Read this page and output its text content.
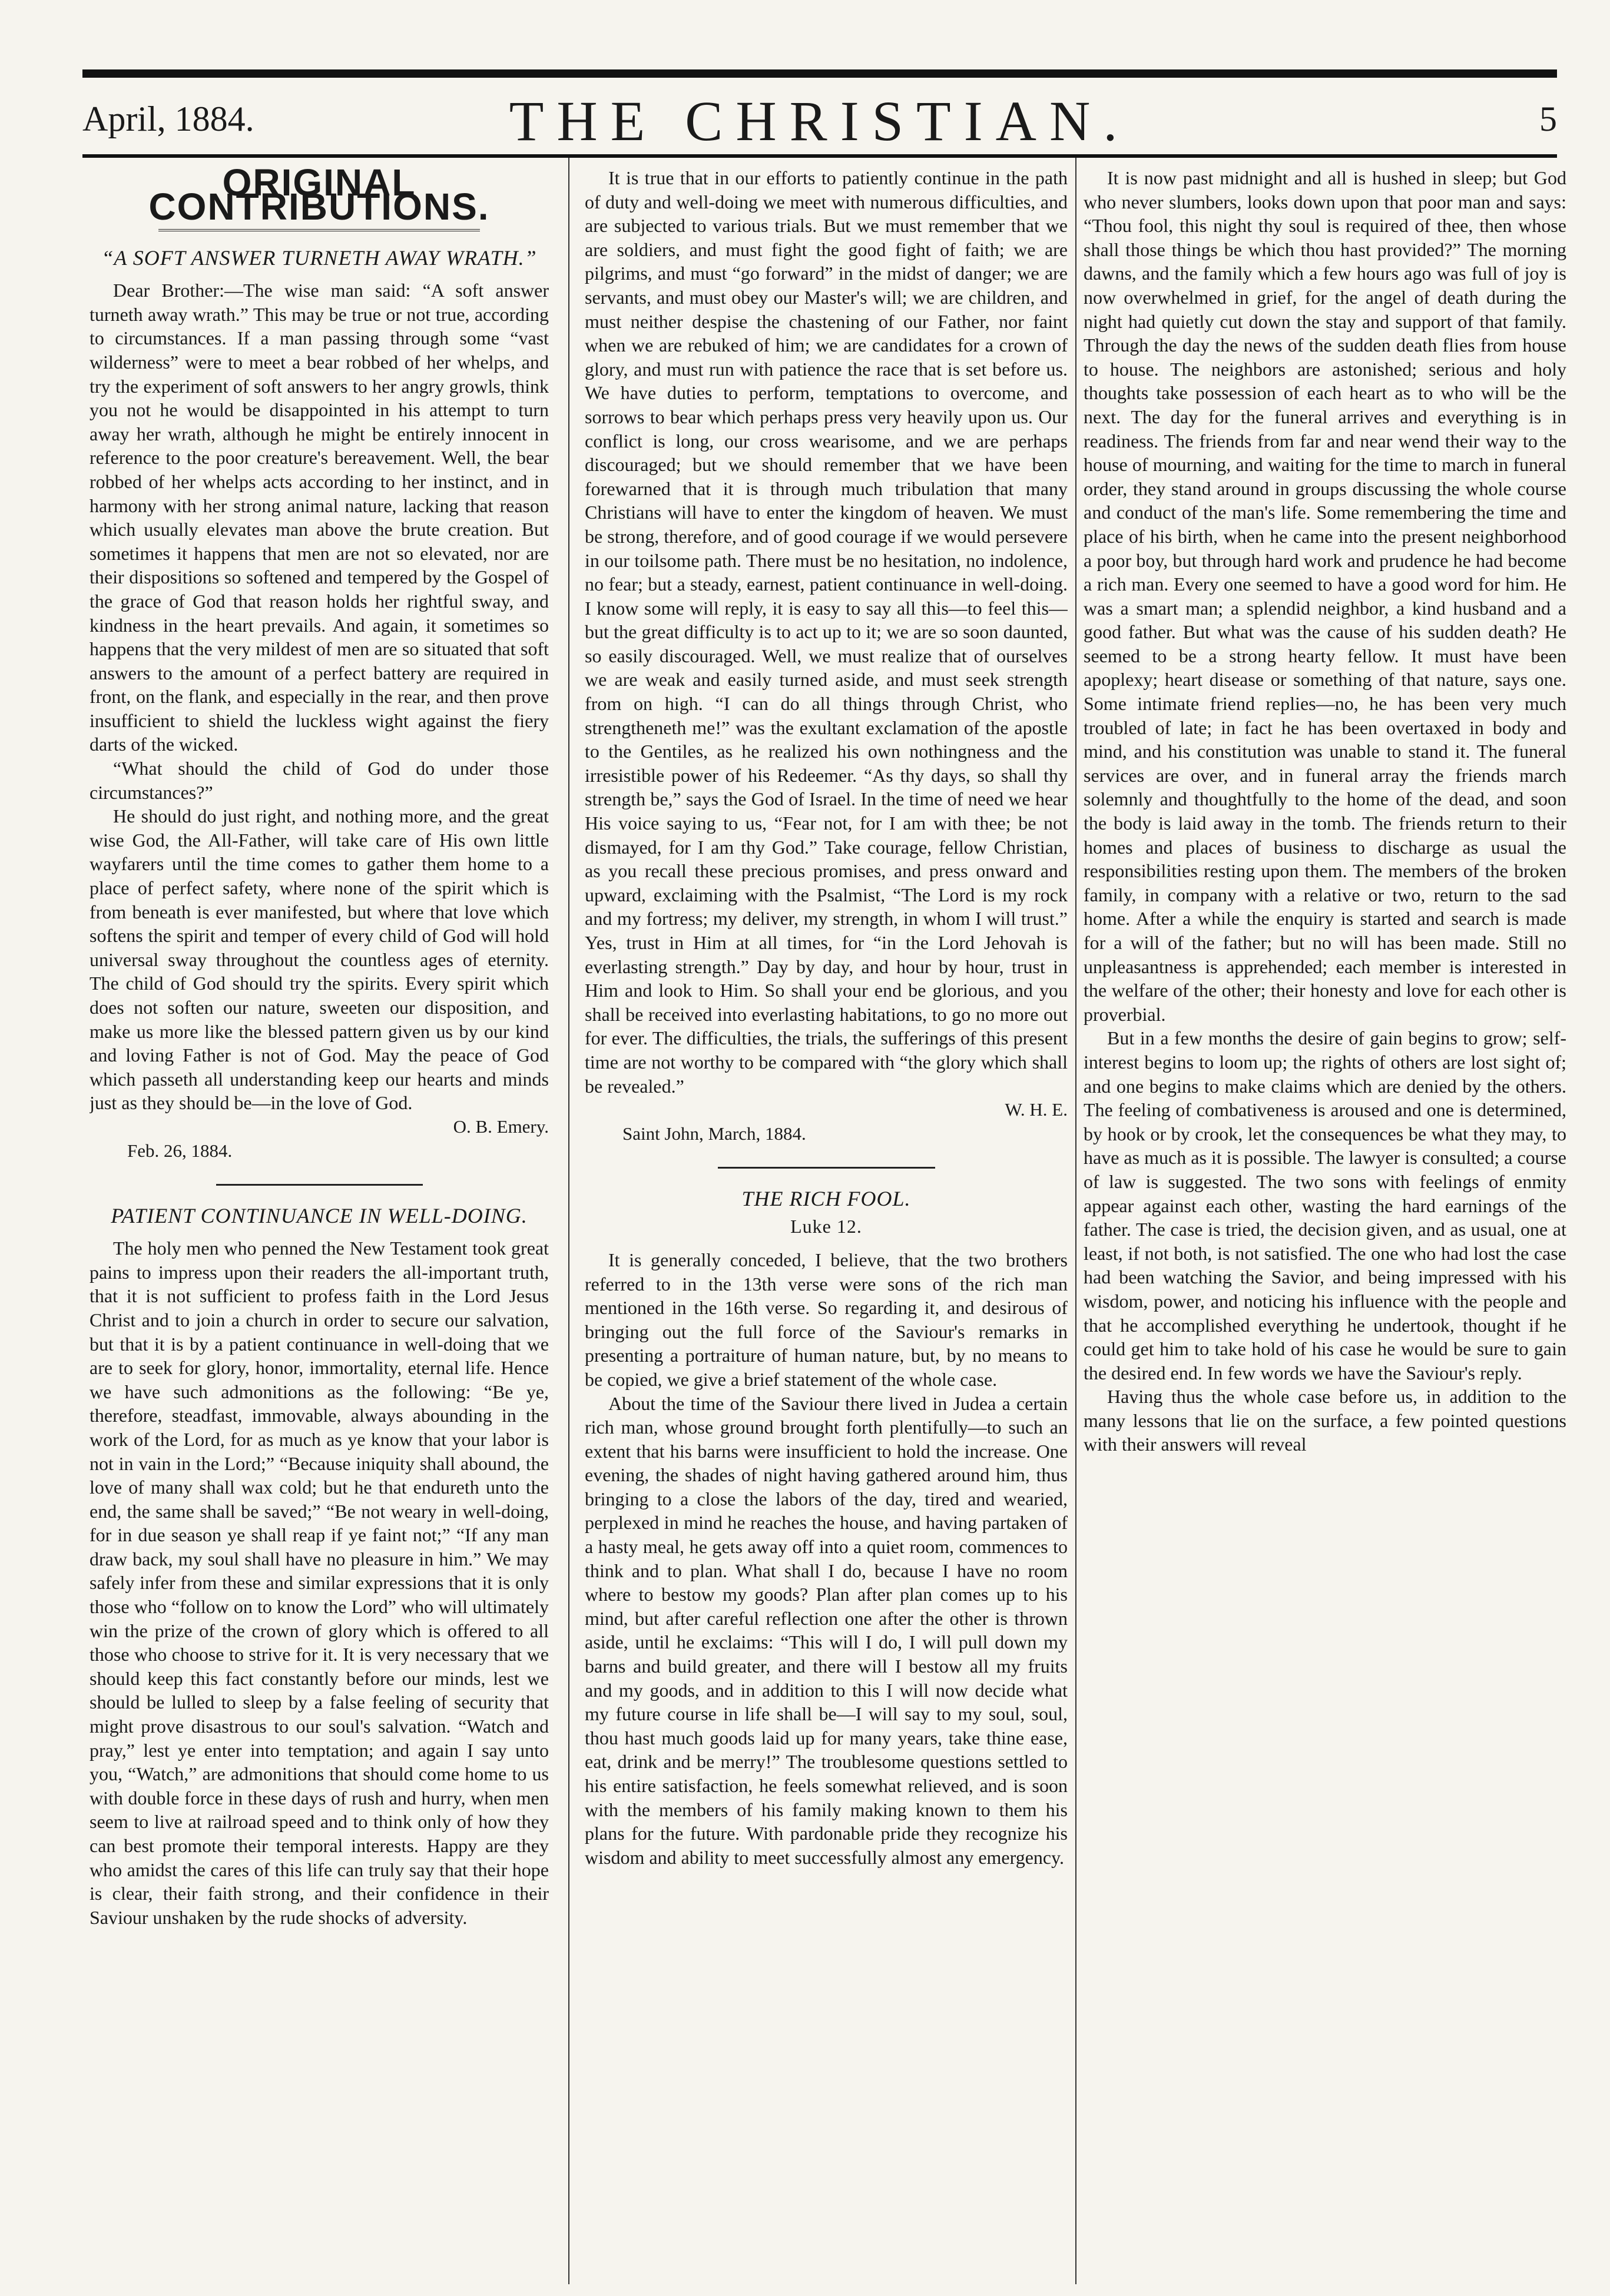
April, 1884.	THE CHRISTIAN.	5
ORIGINAL CONTRIBUTIONS.
“A SOFT ANSWER TURNETH AWAY WRATH.”

Dear Brother:—The wise man said: “A soft answer turneth away wrath.” This may be true or not true, according to circumstances. If a man passing through some “vast wilderness” were to meet a bear robbed of her whelps, and try the experiment of soft answers to her angry growls, think you not he would be disappointed in his attempt to turn away her wrath, although he might be entirely innocent in reference to the poor creature's bereavement. Well, the bear robbed of her whelps acts according to her instinct, and in harmony with her strong animal nature, lacking that reason which usually elevates man above the brute creation. But sometimes it happens that men are not so elevated, nor are their dispositions so softened and tempered by the Gospel of the grace of God that reason holds her rightful sway, and kindness in the heart prevails. And again, it sometimes so happens that the very mildest of men are so situated that soft answers to the amount of a perfect battery are required in front, on the flank, and especially in the rear, and then prove insufficient to shield the luckless wight against the fiery darts of the wicked.

“What should the child of God do under those circumstances?”

He should do just right, and nothing more, and the great wise God, the All-Father, will take care of His own little wayfarers until the time comes to gather them home to a place of perfect safety, where none of the spirit which is from beneath is ever manifested, but where that love which softens the spirit and temper of every child of God will hold universal sway throughout the countless ages of eternity. The child of God should try the spirits. Every spirit which does not soften our nature, sweeten our disposition, and make us more like the blessed pattern given us by our kind and loving Father is not of God. May the peace of God which passeth all understanding keep our hearts and minds just as they should be—in the love of God.

O. B. Emery.

Feb. 26, 1884.

PATIENT CONTINUANCE IN WELL-DOING.

The holy men who penned the New Testament took great pains to impress upon their readers the all-important truth, that it is not sufficient to profess faith in the Lord Jesus Christ and to join a church in order to secure our salvation, but that it is by a patient continuance in well-doing that we are to seek for glory, honor, immortality, eternal life. Hence we have such admonitions as the following: “Be ye, therefore, steadfast, immovable, always abounding in the work of the Lord, for as much as ye know that your labor is not in vain in the Lord;” “Because iniquity shall abound, the love of many shall wax cold; but he that endureth unto the end, the same shall be saved;” “Be not weary in well-doing, for in due season ye shall reap if ye faint not;” “If any man draw back, my soul shall have no pleasure in him.” We may safely infer from these and similar expressions that it is only those who “follow on to know the Lord” who will ultimately win the prize of the crown of glory which is offered to all those who choose to strive for it. It is very necessary that we should keep this fact constantly before our minds, lest we should be lulled to sleep by a false feeling of security that might prove disastrous to our soul's salvation. “Watch and pray,” lest ye enter into temptation; and again I say unto you, “Watch,” are admonitions that should come home to us with double force in these days of rush and hurry, when men seem to live at railroad speed and to think only of how they can best promote their temporal interests. Happy are they who amidst the cares of this life can truly say that their hope is clear, their faith strong, and their confidence in their Saviour unshaken by the rude shocks of adversity.

It is true that in our efforts to patiently continue in the path of duty and well-doing we meet with numerous difficulties, and are subjected to various trials. But we must remember that we are soldiers, and must fight the good fight of faith; we are pilgrims, and must “go forward” in the midst of danger; we are servants, and must obey our Master's will; we are children, and must neither despise the chastening of our Father, nor faint when we are rebuked of him; we are candidates for a crown of glory, and must run with patience the race that is set before us. We have duties to perform, temptations to overcome, and sorrows to bear which perhaps press very heavily upon us. Our conflict is long, our cross wearisome, and we are perhaps discouraged; but we should remember that we have been forewarned that it is through much tribulation that many Christians will have to enter the kingdom of heaven. We must be strong, therefore, and of good courage if we would persevere in our toilsome path. There must be no hesitation, no indolence, no fear; but a steady, earnest, patient continuance in well-doing. I know some will reply, it is easy to say all this—to feel this—but the great difficulty is to act up to it; we are so soon daunted, so easily discouraged. Well, we must realize that of ourselves we are weak and easily turned aside, and must seek strength from on high. “I can do all things through Christ, who strengtheneth me!” was the exultant exclamation of the apostle to the Gentiles, as he realized his own nothingness and the irresistible power of his Redeemer. “As thy days, so shall thy strength be,” says the God of Israel. In the time of need we hear His voice saying to us, “Fear not, for I am with thee; be not dismayed, for I am thy God.” Take courage, fellow Christian, as you recall these precious promises, and press onward and upward, exclaiming with the Psalmist, “The Lord is my rock and my fortress; my deliver, my strength, in whom I will trust.” Yes, trust in Him at all times, for “in the Lord Jehovah is everlasting strength.” Day by day, and hour by hour, trust in Him and look to Him. So shall your end be glorious, and you shall be received into everlasting habitations, to go no more out for ever. The difficulties, the trials, the sufferings of this present time are not worthy to be compared with “the glory which shall be revealed.”

W. H. E.

Saint John, March, 1884.

THE RICH FOOL.
Luke 12.

It is generally conceded, I believe, that the two brothers referred to in the 13th verse were sons of the rich man mentioned in the 16th verse. So regarding it, and desirous of bringing out the full force of the Saviour's remarks in presenting a portraiture of human nature, but, by no means to be copied, we give a brief statement of the whole case.

About the time of the Saviour there lived in Judea a certain rich man, whose ground brought forth plentifully—to such an extent that his barns were insufficient to hold the increase. One evening, the shades of night having gathered around him, thus bringing to a close the labors of the day, tired and wearied, perplexed in mind he reaches the house, and having partaken of a hasty meal, he gets away off into a quiet room, commences to think and to plan. What shall I do, because I have no room where to bestow my goods? Plan after plan comes up to his mind, but after careful reflection one after the other is thrown aside, until he exclaims: “This will I do, I will pull down my barns and build greater, and there will I bestow all my fruits and my goods, and in addition to this I will now decide what my future course in life shall be—I will say to my soul, soul, thou hast much goods laid up for many years, take thine ease, eat, drink and be merry!” The troublesome questions settled to his entire satisfaction, he feels somewhat relieved, and is soon with the members of his family making known to them his plans for the future. With pardonable pride they recognize his wisdom and ability to meet successfully almost any emergency.

It is now past midnight and all is hushed in sleep; but God who never slumbers, looks down upon that poor man and says: “Thou fool, this night thy soul is required of thee, then whose shall those things be which thou hast provided?” The morning dawns, and the family which a few hours ago was full of joy is now overwhelmed in grief, for the angel of death during the night had quietly cut down the stay and support of that family. Through the day the news of the sudden death flies from house to house. The neighbors are astonished; serious and holy thoughts take possession of each heart as to who will be the next. The day for the funeral arrives and everything is in readiness. The friends from far and near wend their way to the house of mourning, and waiting for the time to march in funeral order, they stand around in groups discussing the whole course and conduct of the man's life. Some remembering the time and place of his birth, when he came into the present neighborhood a poor boy, but through hard work and prudence he had become a rich man. Every one seemed to have a good word for him. He was a smart man; a splendid neighbor, a kind husband and a good father. But what was the cause of his sudden death? He seemed to be a strong hearty fellow. It must have been apoplexy; heart disease or something of that nature, says one. Some intimate friend replies—no, he has been very much troubled of late; in fact he has been overtaxed in body and mind, and his constitution was unable to stand it. The funeral services are over, and in funeral array the friends march solemnly and thoughtfully to the home of the dead, and soon the body is laid away in the tomb. The friends return to their homes and places of business to discharge as usual the responsibilities resting upon them. The members of the broken family, in company with a relative or two, return to the sad home. After a while the enquiry is started and search is made for a will of the father; but no will has been made. Still no unpleasantness is apprehended; each member is interested in the welfare of the other; their honesty and love for each other is proverbial.

But in a few months the desire of gain begins to grow; self-interest begins to loom up; the rights of others are lost sight of; and one begins to make claims which are denied by the others. The feeling of combativeness is aroused and one is determined, by hook or by crook, let the consequences be what they may, to have as much as it is possible. The lawyer is consulted; a course of law is suggested. The two sons with feelings of enmity appear against each other, wasting the hard earnings of the father. The case is tried, the decision given, and as usual, one at least, if not both, is not satisfied. The one who had lost the case had been watching the Savior, and being impressed with his wisdom, power, and noticing his influence with the people and that he accomplished everything he undertook, thought if he could get him to take hold of his case he would be sure to gain the desired end. In few words we have the Saviour's reply.

Having thus the whole case before us, in addition to the many lessons that lie on the surface, a few pointed questions with their answers will reveal
